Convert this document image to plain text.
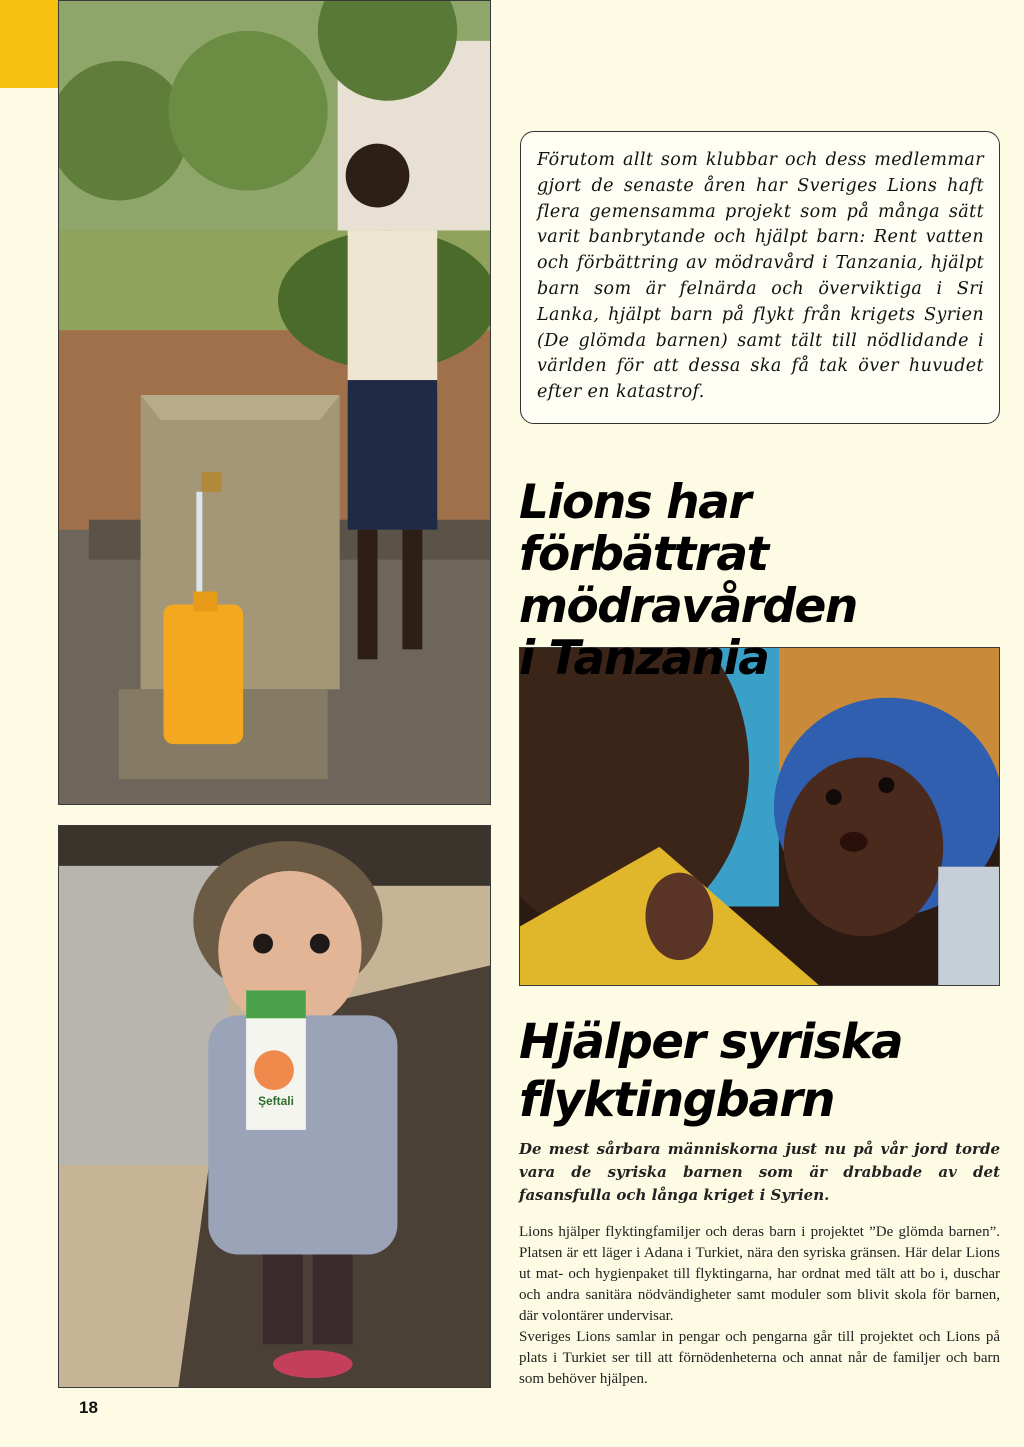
Şeftali

Förutom allt som klubbar och dess medlemmar gjort de senaste åren har Sveriges Lions haft flera gemensamma projekt som på många sätt varit banbrytande och hjälpt barn: Rent vatten och förbättring av mödravård i Tanzania, hjälpt barn som är felnärda och överviktiga i Sri Lanka, hjälpt barn på flykt från krigets Syrien (De glömda barnen) samt tält till nödlidande i världen för att dessa ska få tak över huvudet efter en katastrof.

Lions har förbättrat
mödravården
i Tanzania
Hjälper syriska
flyktingbarn

De mest sårbara människorna just nu på vår jord torde vara de syriska barnen som är drabbade av det fasansfulla och långa kriget i Syrien.

Lions hjälper flyktingfamiljer och deras barn i projektet ”De glömda barnen”. Platsen är ett läger i Adana i Turkiet, nära den syriska gränsen. Här delar Lions ut mat- och hygienpaket till flyktingarna, har ordnat med tält att bo i, duschar och andra sanitära nödvändigheter samt moduler som blivit skola för barnen, där volontärer undervisar.
Sveriges Lions samlar in pengar och pengarna går till projektet och Lions på plats i Turkiet ser till att förnödenheterna och annat når de familjer och barn som behöver hjälpen.
18
